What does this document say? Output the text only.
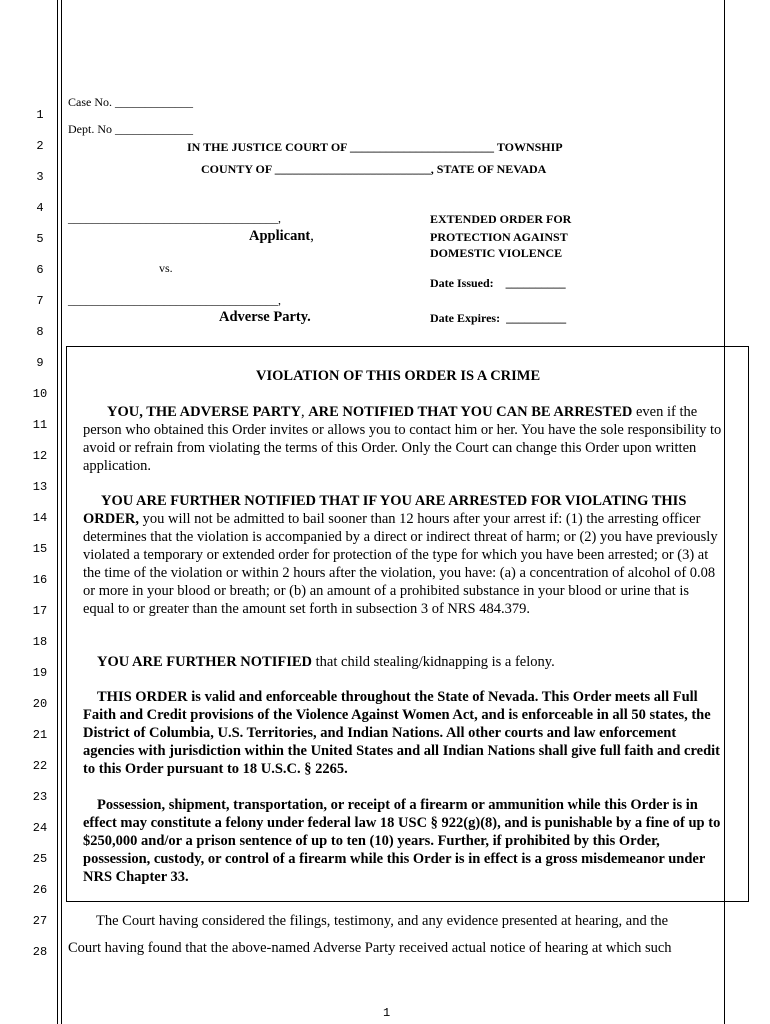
1
2
3
4
5
6
7
8
9
10
11
12
13
14
15
16
17
18
19
20
21
22
23
24
25
26
27
28
Case No. _____________
Dept. No _____________
IN THE JUSTICE COURT OF ________________________ TOWNSHIP
COUNTY OF __________________________, STATE OF NEVADA
___________________________________,
Applicant,
vs.
___________________________________,
Adverse Party.
EXTENDED ORDER FOR
PROTECTION AGAINST
DOMESTIC VIOLENCE
Date Issued:    __________
Date Expires:  __________
VIOLATION OF THIS ORDER IS A CRIME
YOU, THE ADVERSE PARTY, ARE NOTIFIED THAT YOU CAN BE ARRESTED even if the person who obtained this Order invites or allows you to contact him or her. You have the sole responsibility to avoid or refrain from violating the terms of this Order. Only the Court can change this Order upon written application.
YOU ARE FURTHER NOTIFIED THAT IF YOU ARE ARRESTED FOR VIOLATING THIS ORDER, you will not be admitted to bail sooner than 12 hours after your arrest if: (1) the arresting officer determines that the violation is accompanied by a direct or indirect threat of harm; or (2) you have previously violated a temporary or extended order for protection of the type for which you have been arrested; or (3) at the time of the violation or within 2 hours after the violation, you have: (a) a concentration of alcohol of 0.08 or more in your blood or breath; or (b) an amount of a prohibited substance in your blood or urine that is equal to or greater than the amount set forth in subsection 3 of NRS 484.379.
YOU ARE FURTHER NOTIFIED that child stealing/kidnapping is a felony.
THIS ORDER is valid and enforceable throughout the State of Nevada. This Order meets all Full Faith and Credit provisions of the Violence Against Women Act, and is enforceable in all 50 states, the District of Columbia, U.S. Territories, and Indian Nations. All other courts and law enforcement agencies with jurisdiction within the United States and all Indian Nations shall give full faith and credit to this Order pursuant to 18 U.S.C. § 2265.
Possession, shipment, transportation, or receipt of a firearm or ammunition while this Order is in effect may constitute a felony under federal law 18 USC § 922(g)(8), and is punishable by a fine of up to $250,000 and/or a prison sentence of up to ten (10) years. Further, if prohibited by this Order, possession, custody, or control of a firearm while this Order is in effect is a gross misdemeanor under NRS Chapter 33.
The Court having considered the filings, testimony, and any evidence presented at hearing, and the
Court having found that the above-named Adverse Party received actual notice of hearing at which such
1
